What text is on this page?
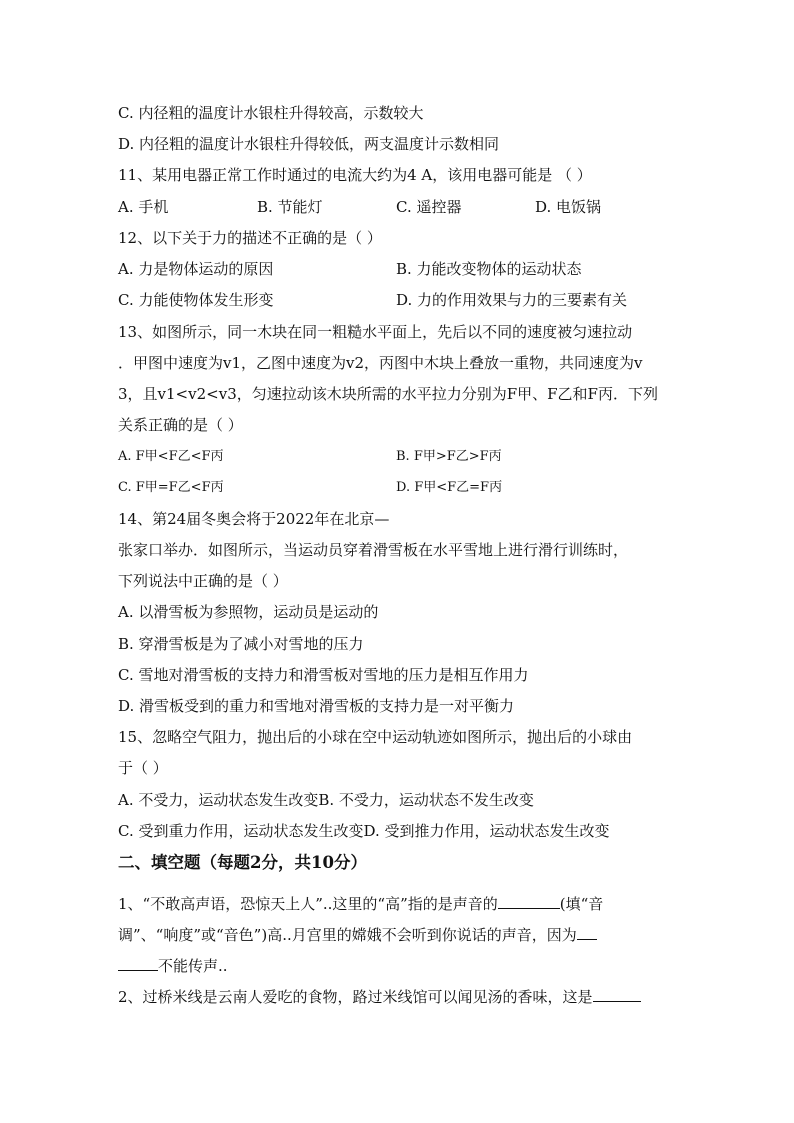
C. 内径粗的温度计水银柱升得较高，示数较大
D. 内径粗的温度计水银柱升得较低，两支温度计示数相同
11、某用电器正常工作时通过的电流大约为4 A，该用电器可能是 （ ）
A. 手机	B. 节能灯	C. 遥控器	D. 电饭锅
12、以下关于力的描述不正确的是（ ）
A. 力是物体运动的原因	B. 力能改变物体的运动状态
C. 力能使物体发生形变	D. 力的作用效果与力的三要素有关
13、如图所示，同一木块在同一粗糙水平面上，先后以不同的速度被匀速拉动
．甲图中速度为v1，乙图中速度为v2，丙图中木块上叠放一重物，共同速度为v
3，且v1<v2<v3，匀速拉动该木块所需的水平拉力分别为F甲、F乙和F丙．下列
关系正确的是（ ）
A. F甲<F乙<F丙	B. F甲>F乙>F丙
C. F甲=F乙<F丙	D. F甲<F乙=F丙
14、第24届冬奥会将于2022年在北京—
张家口举办．如图所示，当运动员穿着滑雪板在水平雪地上进行滑行训练时，
下列说法中正确的是（ ）
A. 以滑雪板为参照物，运动员是运动的
B. 穿滑雪板是为了减小对雪地的压力
C. 雪地对滑雪板的支持力和滑雪板对雪地的压力是相互作用力
D. 滑雪板受到的重力和雪地对滑雪板的支持力是一对平衡力
15、忽略空气阻力，抛出后的小球在空中运动轨迹如图所示，抛出后的小球由
于（ ）
A. 不受力，运动状态发生改变B. 不受力，运动状态不发生改变
C. 受到重力作用，运动状态发生改变D. 受到推力作用，运动状态发生改变
二、填空题（每题2分，共10分）
1、“不敢高声语，恐惊天上人”..这里的“高”指的是声音的	(填“音
调”、“响度”或“音色”)高..月宫里的嫦娥不会听到你说话的声音，因为
不能传声..
2、过桥米线是云南人爱吃的食物，路过米线馆可以闻见汤的香味，这是
